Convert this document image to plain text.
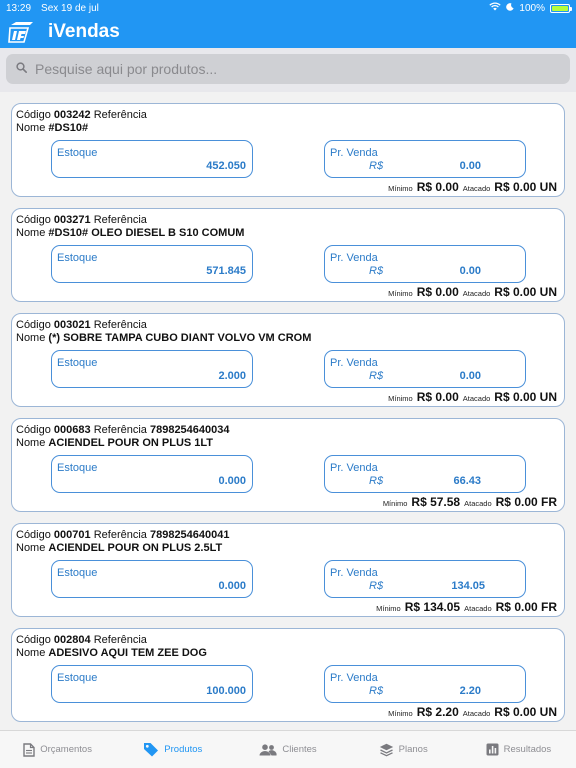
13:29 Sex 19 de jul	100%
iVendas
Pesquise aqui por produtos...
Código 003242 Referência
Nome #DS10#
Estoque
452.050
Pr. Venda
R$	0.00
Mínimo R$ 0.00 Atacado R$ 0.00 UN
Código 003271 Referência
Nome #DS10# OLEO DIESEL B S10 COMUM
Estoque
571.845
Pr. Venda
R$	0.00
Mínimo R$ 0.00 Atacado R$ 0.00 UN
Código 003021 Referência
Nome (*) SOBRE TAMPA CUBO DIANT VOLVO VM CROM
Estoque
2.000
Pr. Venda
R$	0.00
Mínimo R$ 0.00 Atacado R$ 0.00 UN
Código 000683 Referência 7898254640034
Nome ACIENDEL POUR ON PLUS 1LT
Estoque
0.000
Pr. Venda
R$	66.43
Mínimo R$ 57.58 Atacado R$ 0.00 FR
Código 000701 Referência 7898254640041
Nome ACIENDEL POUR ON PLUS 2.5LT
Estoque
0.000
Pr. Venda
R$	134.05
Mínimo R$ 134.05 Atacado R$ 0.00 FR
Código 002804 Referência
Nome ADESIVO AQUI TEM ZEE DOG
Estoque
100.000
Pr. Venda
R$	2.20
Mínimo R$ 2.20 Atacado R$ 0.00 UN
Orçamentos	Produtos	Clientes	Planos	Resultados
